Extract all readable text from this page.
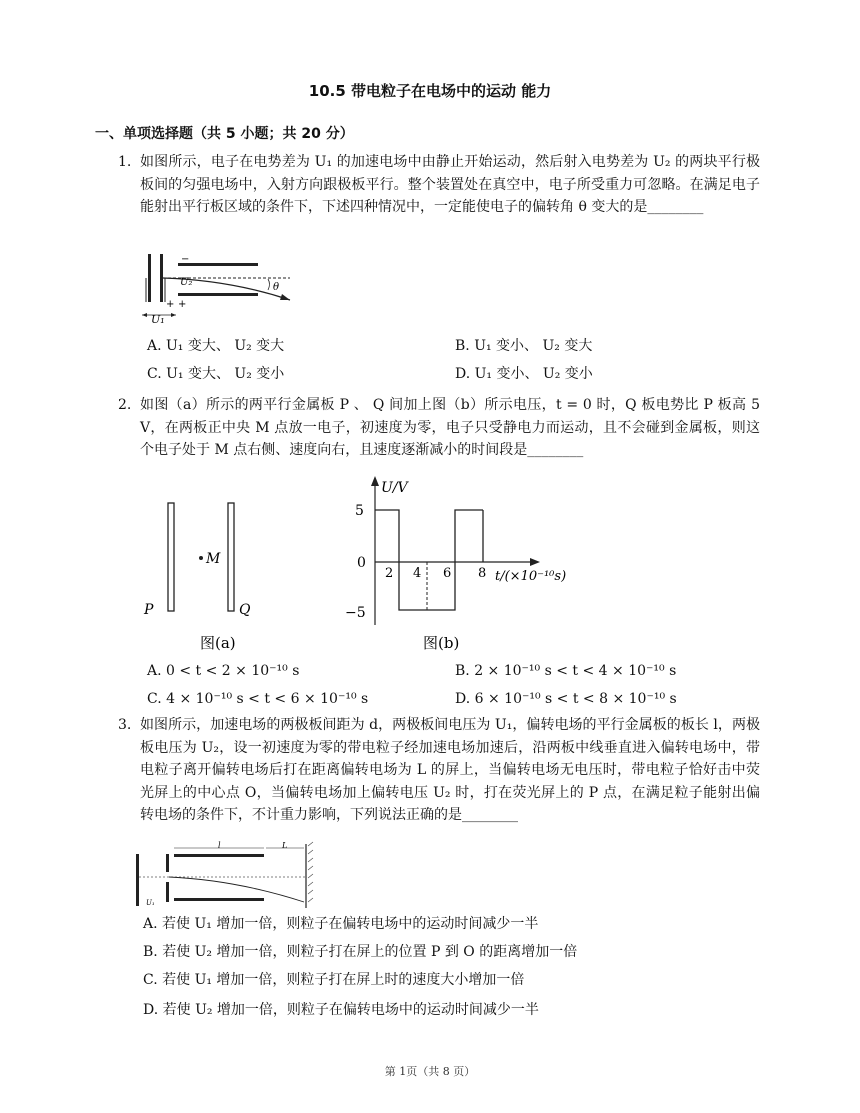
10.5 带电粒子在电场中的运动 能力
一、单项选择题（共 5 小题；共 20 分）
1. 如图所示，电子在电势差为 U₁ 的加速电场中由静止开始运动，然后射入电势差为 U₂ 的两块平行极板间的匀强电场中，入射方向跟极板平行。整个装置处在真空中，电子所受重力可忽略。在满足电子能射出平行板区域的条件下，下述四种情况中，一定能使电子的偏转角 θ 变大的是________
θ
U₂
−
+
+
U₁
A. U₁ 变大、 U₂ 变大	B. U₁ 变小、 U₂ 变大
C. U₁ 变大、 U₂ 变小	D. U₁ 变小、 U₂ 变小
2. 如图（a）所示的两平行金属板 P 、 Q 间加上图（b）所示电压，t = 0 时，Q 板电势比 P 板高 5 V，在两板正中央 M 点放一电子，初速度为零，电子只受静电力而运动，且不会碰到金属板，则这个电子处于 M 点右侧、速度向右，且速度逐渐减小的时间段是________
M
P	Q
图(a)
U/V
5
0
−5
2 4 6 8 t/(×10⁻¹⁰s)
图(b)
A. 0 < t < 2 × 10⁻¹⁰ s	B. 2 × 10⁻¹⁰ s < t < 4 × 10⁻¹⁰ s
C. 4 × 10⁻¹⁰ s < t < 6 × 10⁻¹⁰ s	D. 6 × 10⁻¹⁰ s < t < 8 × 10⁻¹⁰ s
3. 如图所示，加速电场的两极板间距为 d，两极板间电压为 U₁，偏转电场的平行金属板的板长 l，两极板电压为 U₂，设一初速度为零的带电粒子经加速电场加速后，沿两板中线垂直进入偏转电场中，带电粒子离开偏转电场后打在距离偏转电场为 L 的屏上，当偏转电场无电压时，带电粒子恰好击中荧光屏上的中心点 O，当偏转电场加上偏转电压 U₂ 时，打在荧光屏上的 P 点，在满足粒子能射出偏转电场的条件下，不计重力影响，下列说法正确的是________
l	L
U₁
A. 若使 U₁ 增加一倍，则粒子在偏转电场中的运动时间减少一半
B. 若使 U₂ 增加一倍，则粒子打在屏上的位置 P 到 O 的距离增加一倍
C. 若使 U₁ 增加一倍，则粒子打在屏上时的速度大小增加一倍
D. 若使 U₂ 增加一倍，则粒子在偏转电场中的运动时间减少一半
第 1页（共 8 页）
